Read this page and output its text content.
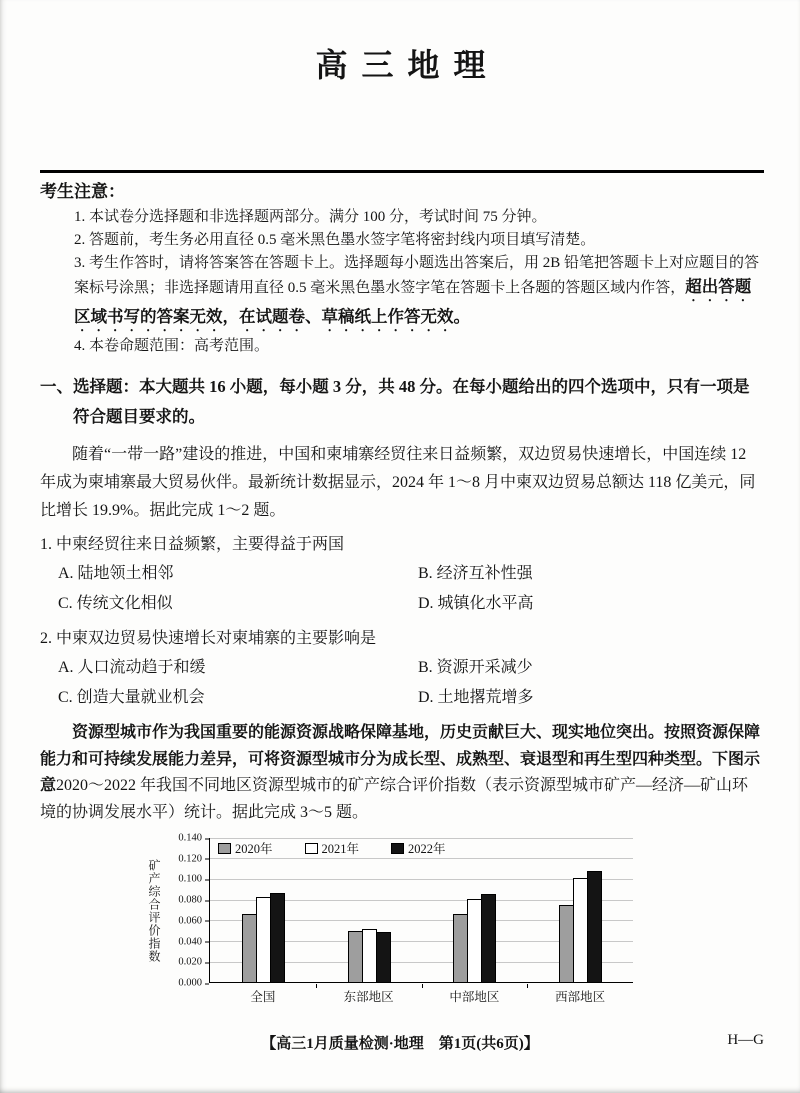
高 三 地 理
考生注意：
1. 本试卷分选择题和非选择题两部分。满分 100 分，考试时间 75 分钟。
2. 答题前，考生务必用直径 0.5 毫米黑色墨水签字笔将密封线内项目填写清楚。
3. 考生作答时，请将答案答在答题卡上。选择题每小题选出答案后，用 2B 铅笔把答题卡上对应题目的答案标号涂黑；非选择题请用直径 0.5 毫米黑色墨水签字笔在答题卡上各题的答题区域内作答，超出答题区域书写的答案无效，在试题卷、草稿纸上作答无效。
4. 本卷命题范围：高考范围。
一、选择题：本大题共 16 小题，每小题 3 分，共 48 分。在每小题给出的四个选项中，只有一项是符合题目要求的。

随着“一带一路”建设的推进，中国和柬埔寨经贸往来日益频繁，双边贸易快速增长，中国连续 12 年成为柬埔寨最大贸易伙伴。最新统计数据显示，2024 年 1～8 月中柬双边贸易总额达 118 亿美元，同比增长 19.9%。据此完成 1～2 题。

1. 中柬经贸往来日益频繁，主要得益于两国
A. 陆地领土相邻	B. 经济互补性强
C. 传统文化相似	D. 城镇化水平高
2. 中柬双边贸易快速增长对柬埔寨的主要影响是
A. 人口流动趋于和缓	B. 资源开采减少
C. 创造大量就业机会	D. 土地撂荒增多

资源型城市作为我国重要的能源资源战略保障基地，历史贡献巨大、现实地位突出。按照资源保障能力和可持续发展能力差异，可将资源型城市分为成长型、成熟型、衰退型和再生型四种类型。下图示意2020～2022 年我国不同地区资源型城市的矿产综合评价指数（表示资源型城市矿产—经济—矿山环境的协调发展水平）统计。据此完成 3～5 题。

矿产综合评价指数
0.000
0.020
0.040
0.060
0.080
0.100
0.120
0.140
2020年	2021年	2022年
全国	东部地区	中部地区	西部地区
【高三1月质量检测·地理　第1页(共6页)】	H—G
